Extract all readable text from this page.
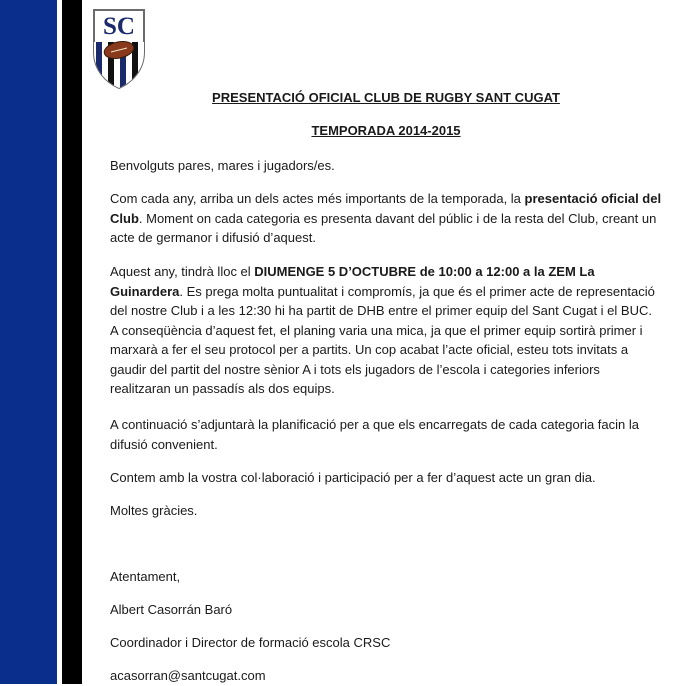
SC
PRESENTACIÓ OFICIAL CLUB DE RUGBY SANT CUGAT
TEMPORADA 2014-2015

Benvolguts pares, mares i jugadors/es.

Com cada any, arriba un dels actes més importants de la temporada, la presentació oficial del Club. Moment on cada categoria es presenta davant del públic i de la resta del Club, creant un acte de germanor i difusió d’aquest.

Aquest any, tindrà lloc el DIUMENGE 5 D’OCTUBRE de 10:00 a 12:00 a la ZEM La Guinardera. Es prega molta puntualitat i compromís, ja que és el primer acte de representació del nostre Club i a les 12:30 hi ha partit de DHB entre el primer equip del Sant Cugat i el BUC. A conseqüència d’aquest fet, el planing varia una mica, ja que el primer equip sortirà primer i marxarà a fer el seu protocol per a partits. Un cop acabat l’acte oficial, esteu tots invitats a gaudir del partit del nostre sènior A i tots els jugadors de l’escola i categories inferiors realitzaran un passadís als dos equips.

A continuació s’adjuntarà la planificació per a que els encarregats de cada categoria facin la difusió convenient.

Contem amb la vostra col·laboració i participació per a fer d’aquest acte un gran dia.

Moltes gràcies.

Atentament,

Albert Casorrán Baró

Coordinador i Director de formació escola CRSC

acasorran@santcugat.com
